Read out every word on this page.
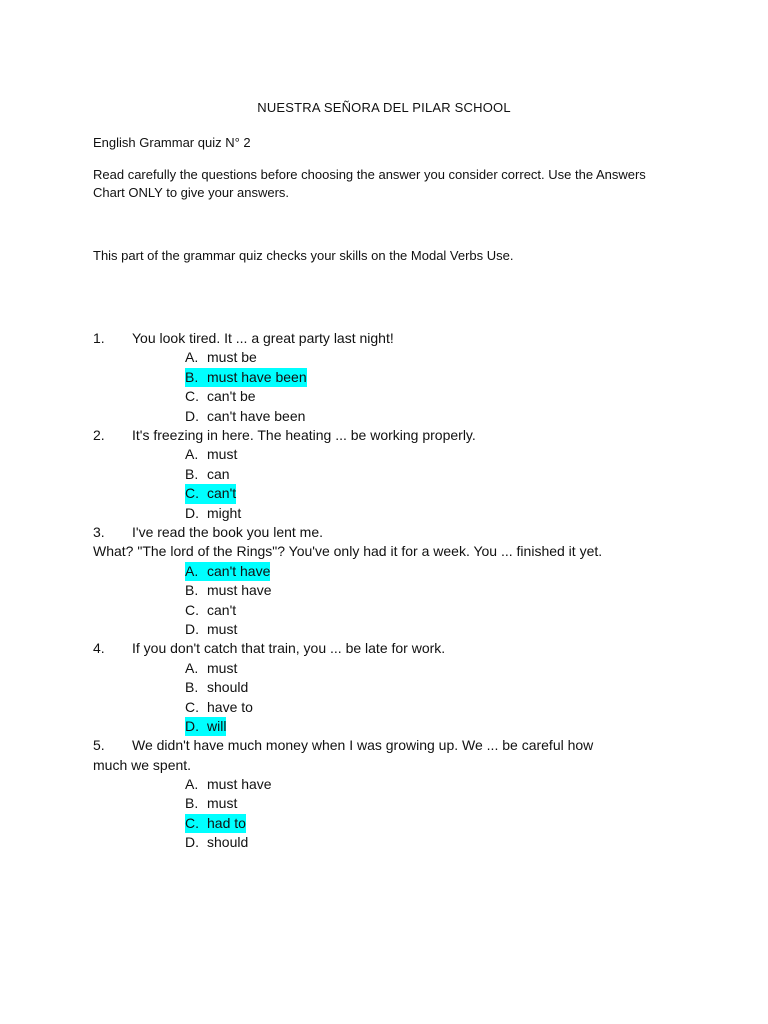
NUESTRA SEÑORA DEL PILAR SCHOOL
English Grammar quiz N° 2
Read carefully the questions before choosing the answer you consider correct. Use the Answers Chart ONLY to give your answers.
This part of the grammar quiz checks your skills on the Modal Verbs Use.
1. You look tired. It ... a great party last night!
A. must be
B. must have been
C. can't be
D. can't have been
2. It's freezing in here. The heating ... be working properly.
A. must
B. can
C. can't
D. might
3. I've read the book you lent me.
What? "The lord of the Rings"? You've only had it for a week. You ... finished it yet.
A. can't have
B. must have
C. can't
D. must
4. If you don't catch that train, you ... be late for work.
A. must
B. should
C. have to
D. will
5. We didn't have much money when I was growing up. We ... be careful how
much we spent.
A. must have
B. must
C. had to
D. should
